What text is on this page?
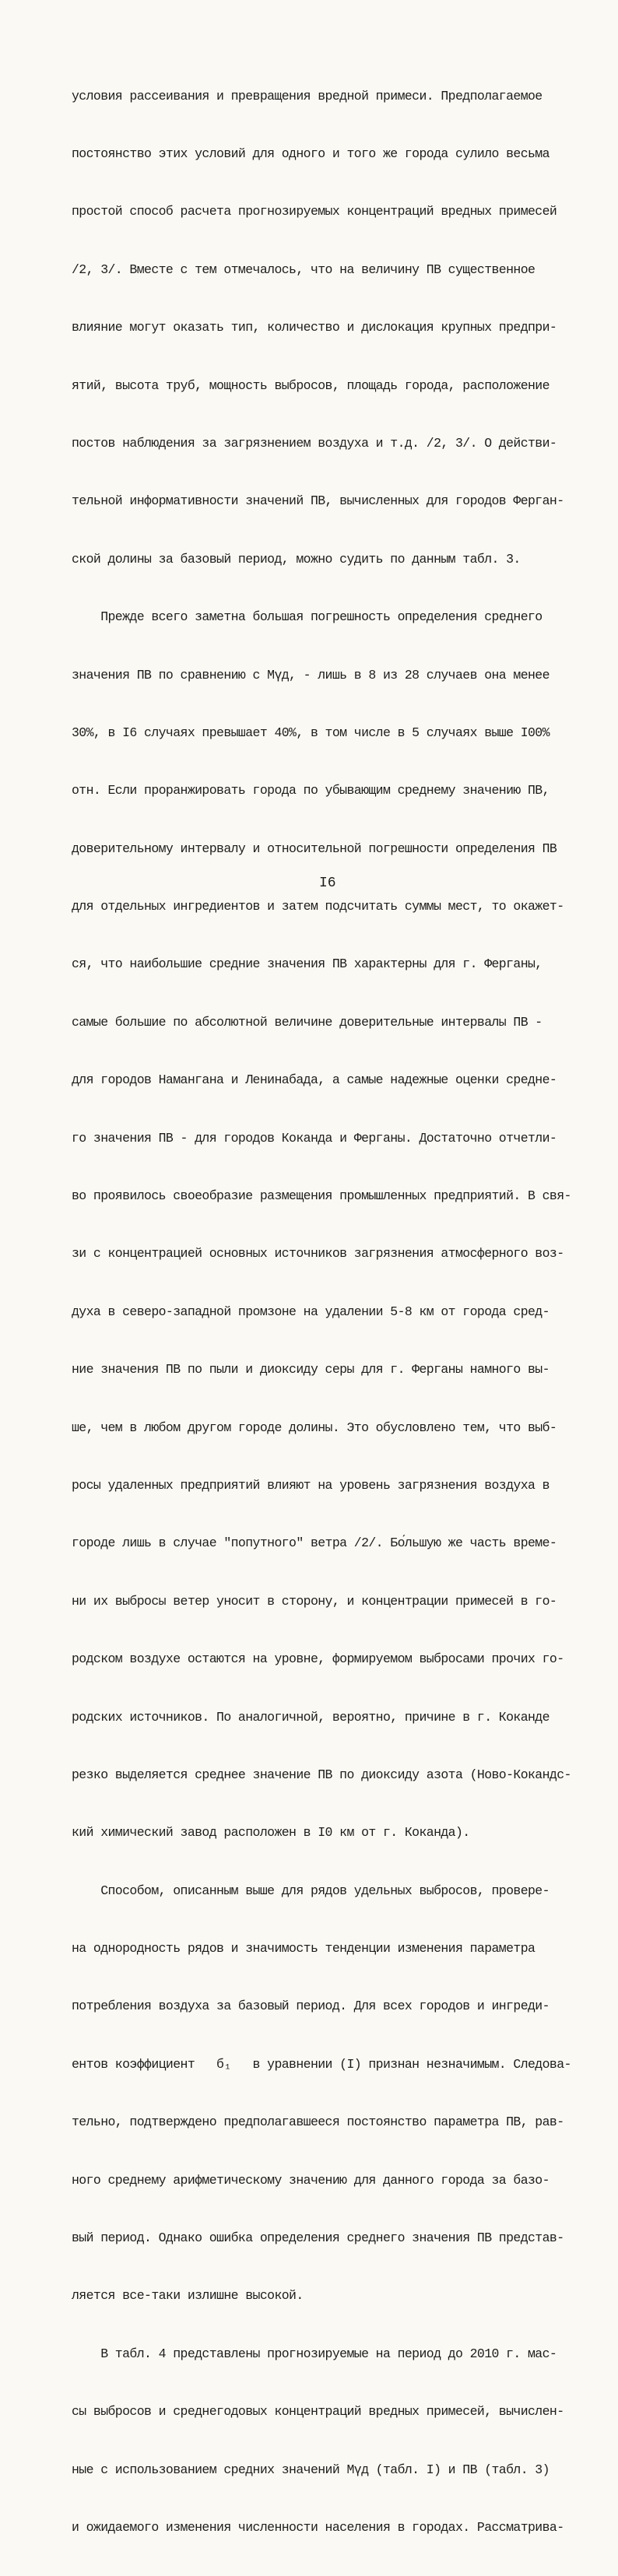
условия рассеивания и превращения вредной примеси. Предполагаемое

постоянство этих условий для одного и того же города сулило весьма

простой способ расчета прогнозируемых концентраций вредных примесей

/2, 3/. Вместе с тем отмечалось, что на величину ПВ существенное

влияние могут оказать тип, количество и дислокация крупных предпри-

ятий, высота труб, мощность выбросов, площадь города, расположение

постов наблюдения за загрязнением воздуха и т.д. /2, 3/. О действи-

тельной информативности значений ПВ, вычисленных для городов Ферган-

ской долины за базовый период, можно судить по данным табл. 3.

Прежде всего заметна большая погрешность определения среднего

значения ПВ по сравнению с Мүд, - лишь в 8 из 28 случаев она менее

30%, в I6 случаях превышает 40%, в том числе в 5 случаях выше I00%

отн. Если проранжировать города по убывающим среднему значению ПВ,

доверительному интервалу и относительной погрешности определения ПВ

для отдельных ингредиентов и затем подсчитать суммы мест, то окажет-

ся, что наибольшие средние значения ПВ характерны для г. Ферганы,

самые большие по абсолютной величине доверительные интервалы ПВ -

для городов Намангана и Ленинабада, а самые надежные оценки средне-

го значения ПВ - для городов Коканда и Ферганы. Достаточно отчетли-

во проявилось своеобразие размещения промышленных предприятий. В свя-

зи с концентрацией основных источников загрязнения атмосферного воз-

духа в северо-западной промзоне на удалении 5-8 км от города сред-

ние значения ПВ по пыли и диоксиду серы для г. Ферганы намного вы-

ше, чем в любом другом городе долины. Это обусловлено тем, что выб-

росы удаленных предприятий влияют на уровень загрязнения воздуха в

городе лишь в случае "попутного" ветра /2/. Бо́льшую же часть време-

ни их выбросы ветер уносит в сторону, и концентрации примесей в го-

родском воздухе остаются на уровне, формируемом выбросами прочих го-

родских источников. По аналогичной, вероятно, причине в г. Коканде

резко выделяется среднее значение ПВ по диоксиду азота (Ново-Кокандс-

кий химический завод расположен в I0 км от г. Коканда).

Способом, описанным выше для рядов удельных выбросов, провере-

на однородность рядов и значимость тенденции изменения параметра

потребления воздуха за базовый период. Для всех городов и ингреди-

ентов коэффициент   б₁   в уравнении (I) признан незначимым. Следова-

тельно, подтверждено предполагавшееся постоянство параметра ПВ, рав-

ного среднему арифметическому значению для данного города за базо-

вый период. Однако ошибка определения среднего значения ПВ представ-

ляется все-таки излишне высокой.

В табл. 4 представлены прогнозируемые на период до 2010 г. мас-

сы выбросов и среднегодовых концентраций вредных примесей, вычислен-

ные с использованием средних значений Мүд (табл. I) и ПВ (табл. 3)

и ожидаемого изменения численности населения в городах. Рассматрива-

I6
